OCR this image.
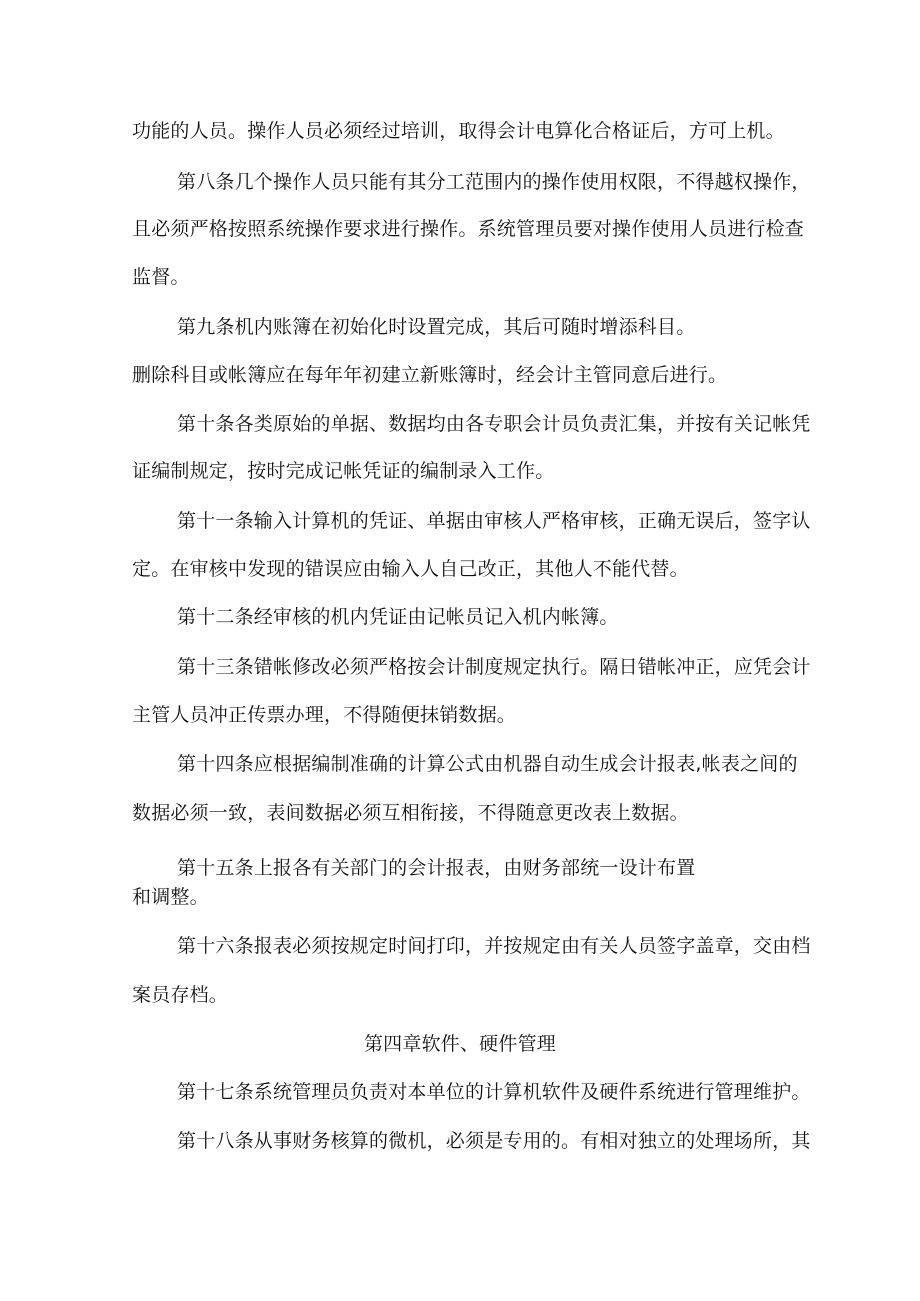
功能的人员。操作人员必须经过培训，取得会计电算化合格证后，方可上机。

第八条几个操作人员只能有其分工范围内的操作使用权限，不得越权操作，

且必须严格按照系统操作要求进行操作。系统管理员要对操作使用人员进行检查

监督。

第九条机内账簿在初始化时设置完成，其后可随时增添科目。

删除科目或帐簿应在每年年初建立新账簿时，经会计主管同意后进行。

第十条各类原始的单据、数据均由各专职会计员负责汇集，并按有关记帐凭

证编制规定，按时完成记帐凭证的编制录入工作。

第十一条输入计算机的凭证、单据由审核人严格审核，正确无误后，签字认

定。在审核中发现的错误应由输入人自己改正，其他人不能代替。

第十二条经审核的机内凭证由记帐员记入机内帐簿。

第十三条错帐修改必须严格按会计制度规定执行。隔日错帐冲正，应凭会计

主管人员冲正传票办理，不得随便抹销数据。

第十四条应根据编制准确的计算公式由机器自动生成会计报表,帐表之间的

数据必须一致，表间数据必须互相衔接，不得随意更改表上数据。

第十五条上报各有关部门的会计报表，由财务部统一设计布置

和调整。

第十六条报表必须按规定时间打印，并按规定由有关人员签字盖章，交由档

案员存档。

第四章软件、硬件管理

第十七条系统管理员负责对本单位的计算机软件及硬件系统进行管理维护。

第十八条从事财务核算的微机，必须是专用的。有相对独立的处理场所，其
